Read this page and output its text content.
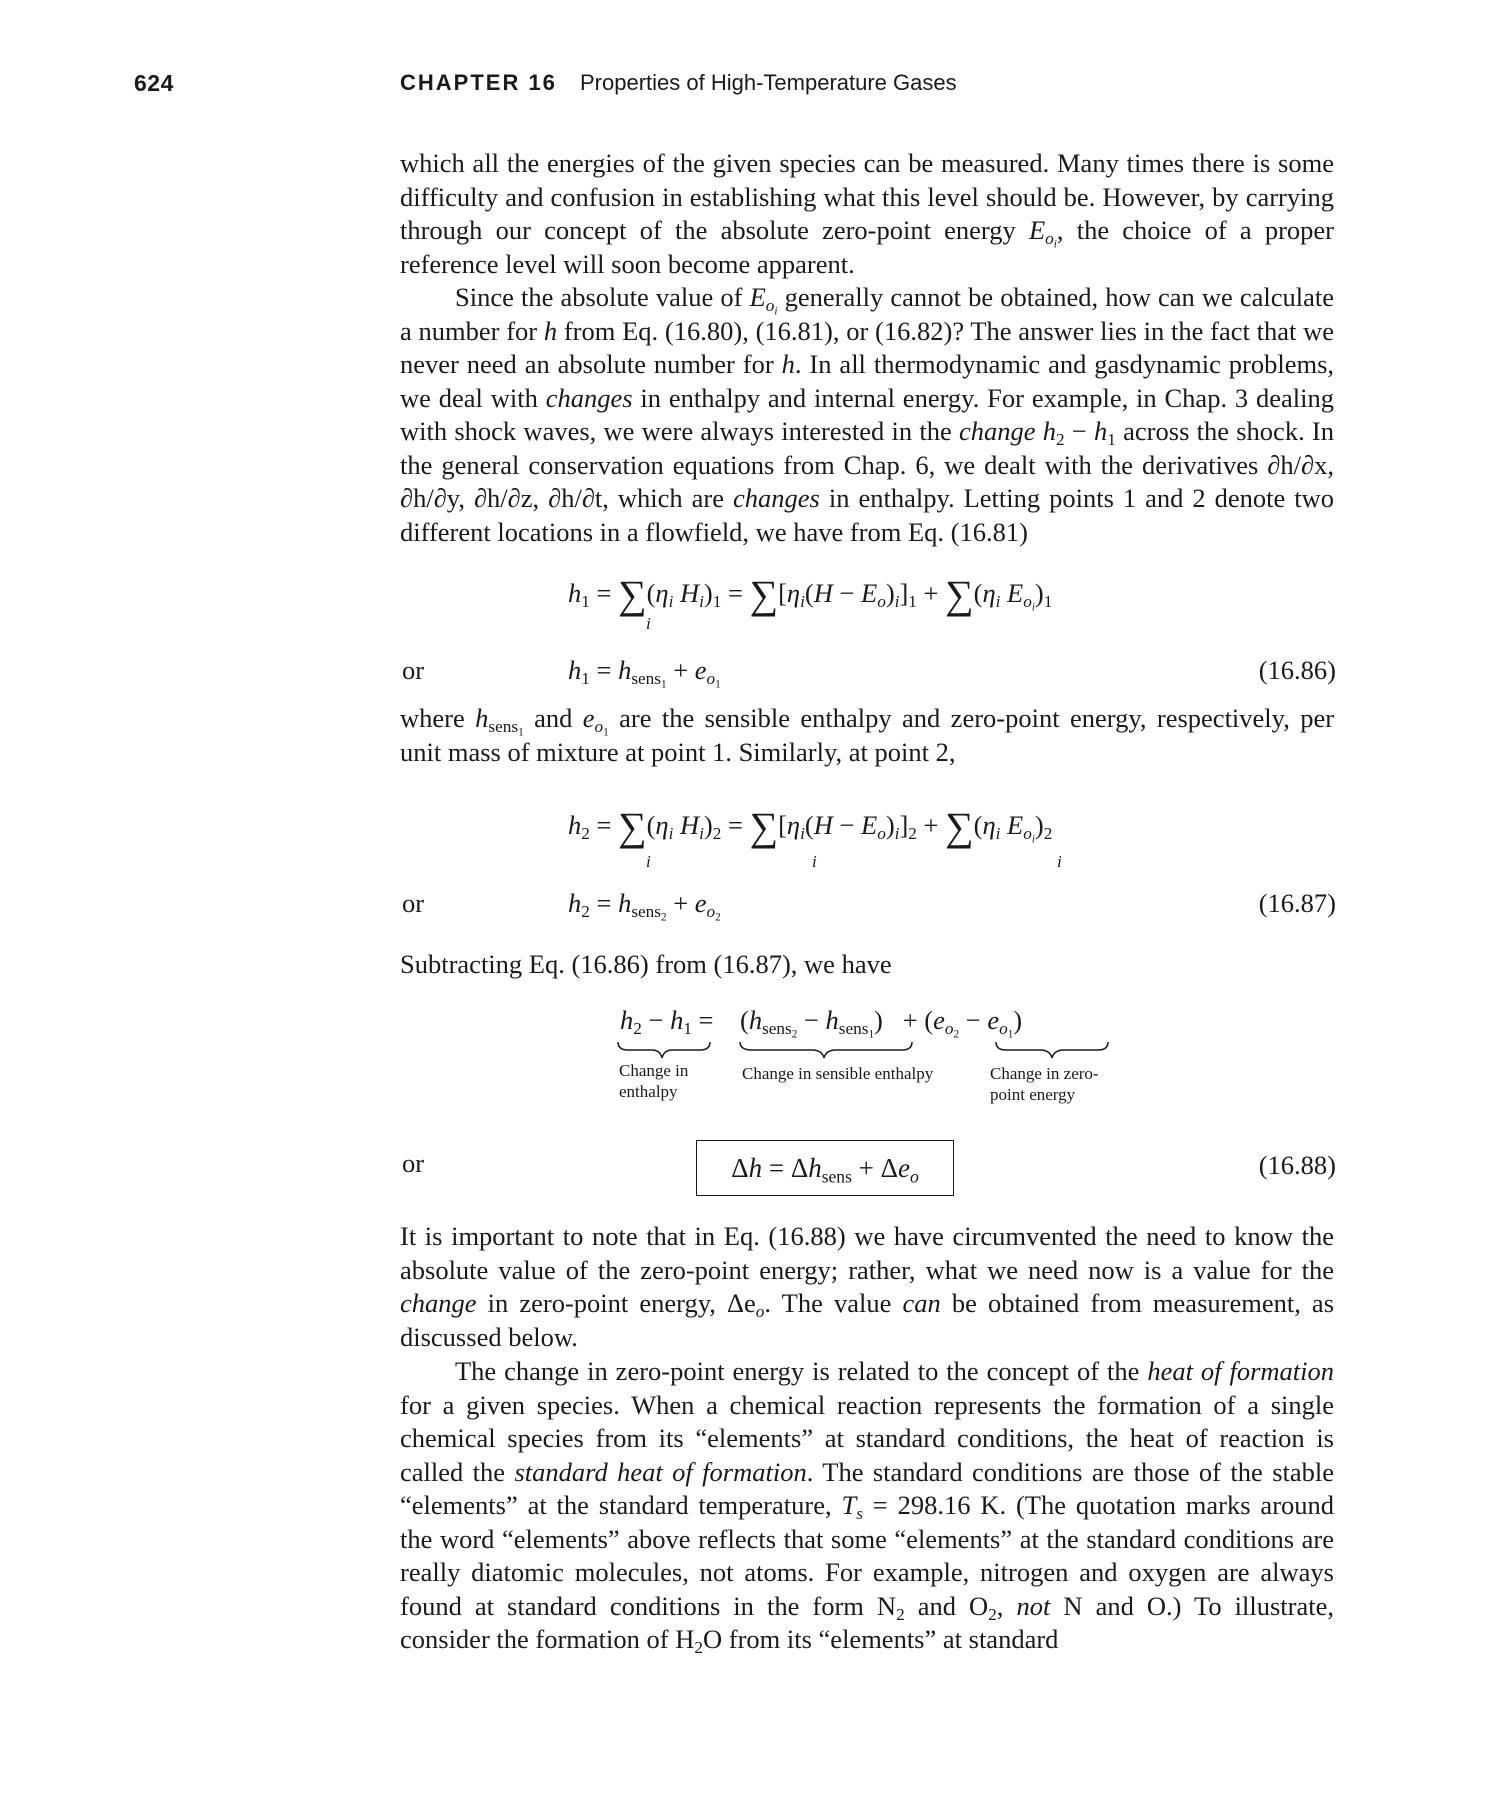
624	CHAPTER 16 Properties of High-Temperature Gases
which all the energies of the given species can be measured. Many times there is some difficulty and confusion in establishing what this level should be. However, by carrying through our concept of the absolute zero-point energy $E_{o_i}$, the choice of a proper reference level will soon become apparent.
Since the absolute value of $E_{o_i}$ generally cannot be obtained, how can we calculate a number for h from Eq. (16.80), (16.81), or (16.82)? The answer lies in the fact that we never need an absolute number for h. In all thermodynamic and gasdynamic problems, we deal with changes in enthalpy and internal energy. For example, in Chap. 3 dealing with shock waves, we were always interested in the change $h_2 - h_1$ across the shock. In the general conservation equations from Chap. 6, we dealt with the derivatives ∂h/∂x, ∂h/∂y, ∂h/∂z, ∂h/∂t, which are changes in enthalpy. Letting points 1 and 2 denote two different locations in a flowfield, we have from Eq. (16.81)
$h_1 = \sum(\eta_i$ $H_i)_1 = \sum[\eta_i(H - E_o)_i]_1 + \sum(\eta_i$ $E_{o_i})_1$
i
or	$h_1 = h_{sens_1} + e_{o_1}$	(16.86)
where $h_{sens_1}$ and $e_{o_1}$ are the sensible enthalpy and zero-point energy, respectively, per unit mass of mixture at point 1. Similarly, at point 2,
$h_2 = \sum(\eta_i$ $H_i)_2 = \sum[\eta_i(H - E_o)_i]_2 + \sum(\eta_i$ $E_{o_i})_2$
i	i	i
or	$h_2 = h_{sens_2} + e_{o_2}$	(16.87)
Subtracting Eq. (16.86) from (16.87), we have
$h_2 - h_1$ =    $(h_{sens_2} - h_{sens_1}) + (e_{o_2} - e_{o_1})$
Change in
enthalpy
Change in sensible enthalpy	Change in zero-
point energy
or	$\Delta h = \Delta h_{sens} + \Delta e_o$	(16.88)
It is important to note that in Eq. (16.88) we have circumvented the need to know the absolute value of the zero-point energy; rather, what we need now is a value for the change in zero-point energy, $\Delta e_o$. The value can be obtained from measurement, as discussed below.
The change in zero-point energy is related to the concept of the heat of formation for a given species. When a chemical reaction represents the formation of a single chemical species from its “elements” at standard conditions, the heat of reaction is called the standard heat of formation. The standard conditions are those of the stable “elements” at the standard temperature, $T_s = 298.16$ K. (The quotation marks around the word “elements” above reflects that some “elements” at the standard conditions are really diatomic molecules, not atoms. For example, nitrogen and oxygen are always found at standard conditions in the form $N_2$ and $O_2$, not N and O.) To illustrate, consider the formation of $H_2O$ from its “elements” at standard
